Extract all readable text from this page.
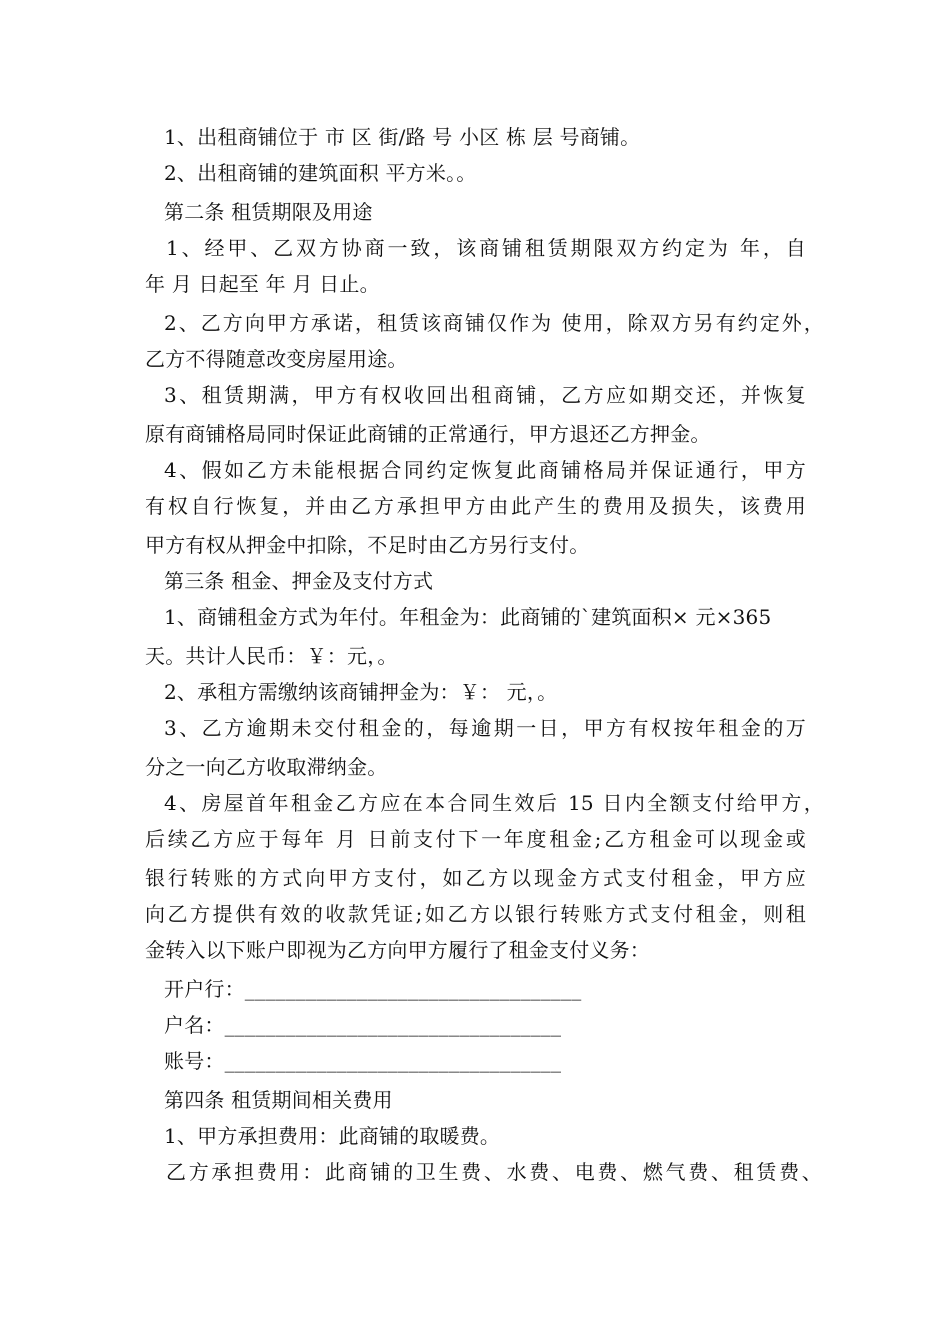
1、出租商铺位于 市 区 街/路 号 小区 栋 层 号商铺。
2、出租商铺的建筑面积 平方米。。
第二条 租赁期限及用途
1、经甲、乙双方协商一致，该商铺租赁期限双方约定为 年，自
年 月 日起至 年 月 日止。
2、乙方向甲方承诺，租赁该商铺仅作为 使用，除双方另有约定外，
乙方不得随意改变房屋用途。
3、租赁期满，甲方有权收回出租商铺，乙方应如期交还，并恢复
原有商铺格局同时保证此商铺的正常通行，甲方退还乙方押金。
4、假如乙方未能根据合同约定恢复此商铺格局并保证通行，甲方
有权自行恢复，并由乙方承担甲方由此产生的费用及损失，该费用
甲方有权从押金中扣除，不足时由乙方另行支付。
第三条 租金、押金及支付方式
1、商铺租金方式为年付。年租金为：此商铺的`建筑面积× 元×365
天。共计人民币：￥：元，。
2、承租方需缴纳该商铺押金为：￥： 元，。
3、乙方逾期未交付租金的，每逾期一日，甲方有权按年租金的万
分之一向乙方收取滞纳金。
4、房屋首年租金乙方应在本合同生效后 15 日内全额支付给甲方，
后续乙方应于每年 月 日前支付下一年度租金;乙方租金可以现金或
银行转账的方式向甲方支付，如乙方以现金方式支付租金，甲方应
向乙方提供有效的收款凭证;如乙方以银行转账方式支付租金，则租
金转入以下账户即视为乙方向甲方履行了租金支付义务：
开户行：_________________________________
户名：_________________________________
账号：_________________________________
第四条 租赁期间相关费用
1、甲方承担费用：此商铺的取暖费。
乙方承担费用：此商铺的卫生费、水费、电费、燃气费、租赁费、
